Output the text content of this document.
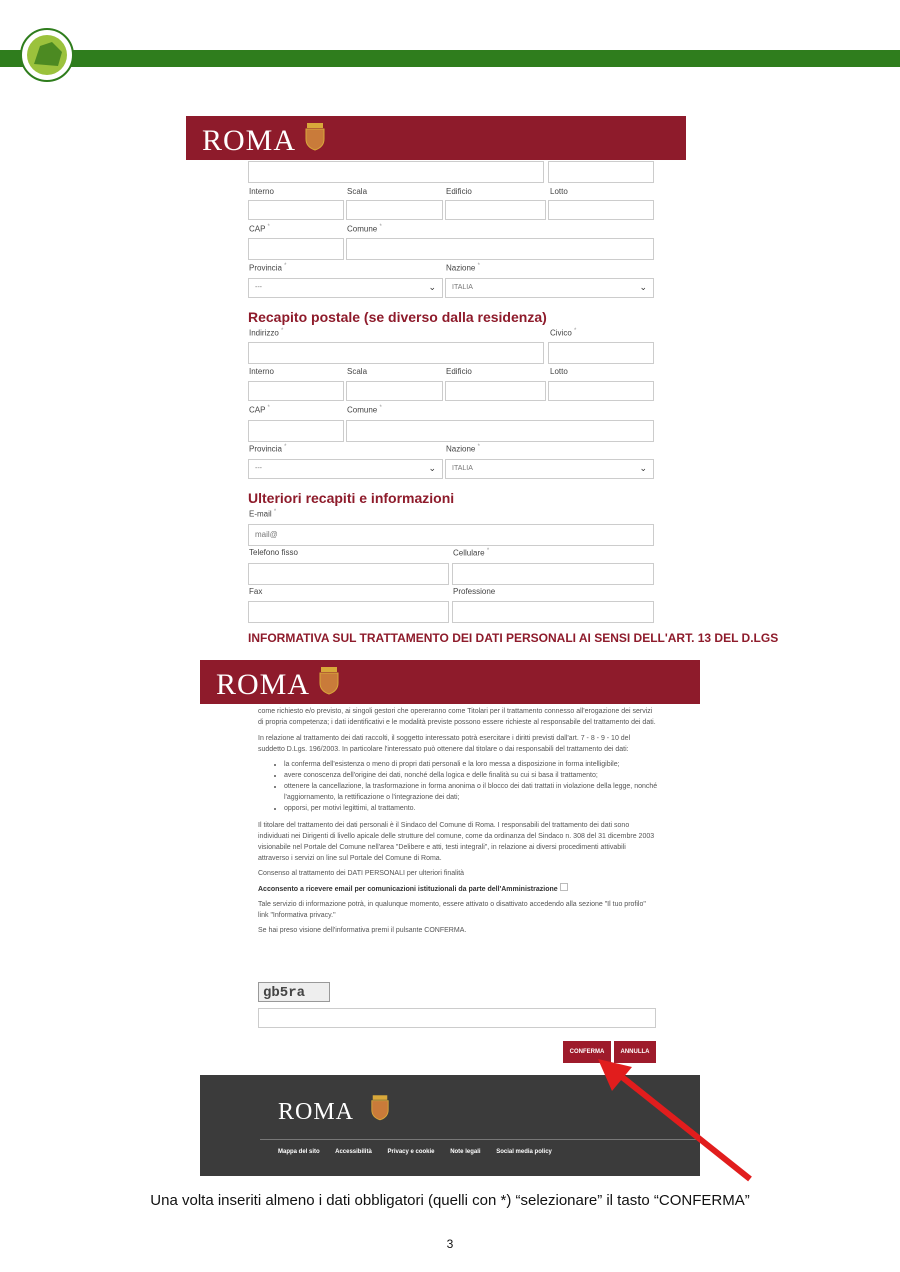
ROMA
Interno	Scala	Edificio	Lotto
CAP *	Comune *
Provincia *	Nazione *
---	⌄	ITALIA	⌄
Recapito postale (se diverso dalla residenza)
Indirizzo *	Civico *
Interno	Scala	Edificio	Lotto
CAP *	Comune *
Provincia *	Nazione *
---	⌄	ITALIA	⌄
Ulteriori recapiti e informazioni
E-mail *
mail@
Telefono fisso	Cellulare *
Fax	Professione
INFORMATIVA SUL TRATTAMENTO DEI DATI PERSONALI AI SENSI DELL'ART. 13 DEL D.LGS
ROMA
come richiesto e/o previsto, ai singoli gestori che opereranno come Titolari per il trattamento connesso all'erogazione dei servizi di propria competenza; i dati identificativi e le modalità previste possono essere richieste al responsabile del trattamento dei dati.
In relazione al trattamento dei dati raccolti, il soggetto interessato potrà esercitare i diritti previsti dall'art. 7 - 8 - 9 - 10 del suddetto D.Lgs. 196/2003. In particolare l'interessato può ottenere dal titolare o dai responsabili del trattamento dei dati:
• la conferma dell'esistenza o meno di propri dati personali e la loro messa a disposizione in forma intelligibile;
• avere conoscenza dell'origine dei dati, nonché della logica e delle finalità su cui si basa il trattamento;
• ottenere la cancellazione, la trasformazione in forma anonima o il blocco dei dati trattati in violazione della legge, nonché l'aggiornamento, la rettificazione o l'integrazione dei dati;
• opporsi, per motivi legittimi, al trattamento.
Il titolare del trattamento dei dati personali è il Sindaco del Comune di Roma. I responsabili del trattamento dei dati sono individuati nei Dirigenti di livello apicale delle strutture del comune, come da ordinanza del Sindaco n. 308 del 31 dicembre 2003 visionabile nel Portale del Comune nell'area "Delibere e atti, testi integrali", in relazione ai diversi procedimenti attivabili attraverso i servizi on line sul Portale del Comune di Roma.
Consenso al trattamento dei DATI PERSONALI per ulteriori finalità
Acconsento a ricevere email per comunicazioni istituzionali da parte dell'Amministrazione
Tale servizio di informazione potrà, in qualunque momento, essere attivato o disattivato accedendo alla sezione "Il tuo profilo" link "Informativa privacy."
Se hai preso visione dell'informativa premi il pulsante CONFERMA.
gb5ra
CONFERMA	ANNULLA
ROMA
Mappa del sito	Accessibilità	Privacy e cookie	Note legali	Social media policy
Una volta inseriti almeno i dati obbligatori (quelli con *) “selezionare” il tasto “CONFERMA”
3
